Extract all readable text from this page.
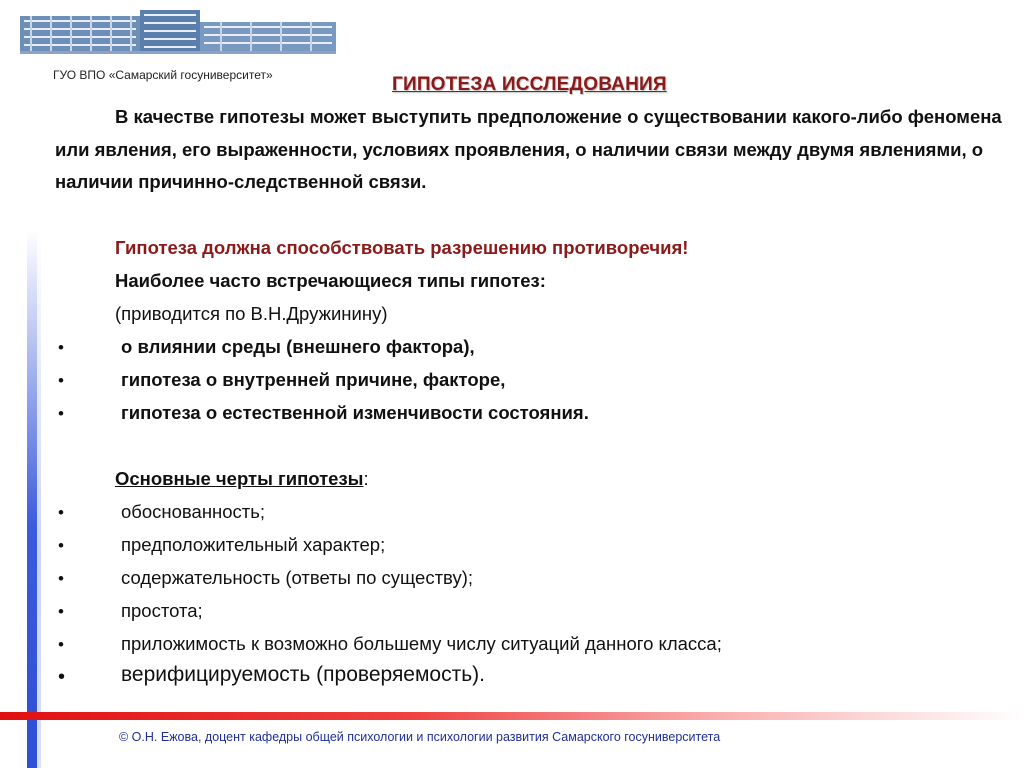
ГУО ВПО «Самарский госуниверситет»	ГИПОТЕЗА ИССЛЕДОВАНИЯ
В качестве гипотезы может выступить предположение о существовании какого-либо феномена или явления, его выраженности, условиях проявления, о наличии связи между двумя явлениями, о наличии причинно-следственной связи.
Гипотеза должна способствовать разрешению противоречия!
Наиболее часто встречающиеся типы гипотез:
(приводится по В.Н.Дружинину)
•	о влиянии среды (внешнего фактора),
•	гипотеза о внутренней причине, факторе,
•	гипотеза о естественной изменчивости состояния.
Основные черты гипотезы:
•	обоснованность;
•	предположительный характер;
•	содержательность (ответы по существу);
•	простота;
•	приложимость к возможно большему числу ситуаций данного класса;
•	верифицируемость (проверяемость).
© О.Н. Ежова, доцент кафедры общей психологии и психологии развития Самарского госуниверситета
